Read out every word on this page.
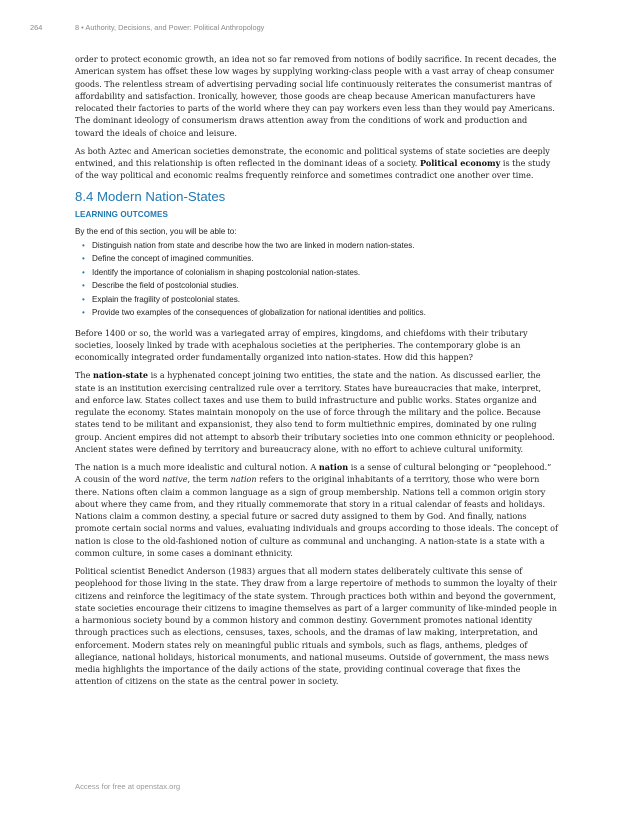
264	8 • Authority, Decisions, and Power: Political Anthropology

order to protect economic growth, an idea not so far removed from notions of bodily sacrifice. In recent decades, the American system has offset these low wages by supplying working-class people with a vast array of cheap consumer goods. The relentless stream of advertising pervading social life continuously reiterates the consumerist mantras of affordability and satisfaction. Ironically, however, those goods are cheap because American manufacturers have relocated their factories to parts of the world where they can pay workers even less than they would pay Americans. The dominant ideology of consumerism draws attention away from the conditions of work and production and toward the ideals of choice and leisure.

As both Aztec and American societies demonstrate, the economic and political systems of state societies are deeply entwined, and this relationship is often reflected in the dominant ideas of a society. Political economy is the study of the way political and economic realms frequently reinforce and sometimes contradict one another over time.

8.4 Modern Nation-States
LEARNING OUTCOMES

By the end of this section, you will be able to:

• Distinguish nation from state and describe how the two are linked in modern nation-states.
• Define the concept of imagined communities.
• Identify the importance of colonialism in shaping postcolonial nation-states.
• Describe the field of postcolonial studies.
• Explain the fragility of postcolonial states.
• Provide two examples of the consequences of globalization for national identities and politics.

Before 1400 or so, the world was a variegated array of empires, kingdoms, and chiefdoms with their tributary societies, loosely linked by trade with acephalous societies at the peripheries. The contemporary globe is an economically integrated order fundamentally organized into nation-states. How did this happen?

The nation-state is a hyphenated concept joining two entities, the state and the nation. As discussed earlier, the state is an institution exercising centralized rule over a territory. States have bureaucracies that make, interpret, and enforce law. States collect taxes and use them to build infrastructure and public works. States organize and regulate the economy. States maintain monopoly on the use of force through the military and the police. Because states tend to be militant and expansionist, they also tend to form multiethnic empires, dominated by one ruling group. Ancient empires did not attempt to absorb their tributary societies into one common ethnicity or peoplehood. Ancient states were defined by territory and bureaucracy alone, with no effort to achieve cultural uniformity.

The nation is a much more idealistic and cultural notion. A nation is a sense of cultural belonging or “peoplehood.” A cousin of the word native, the term nation refers to the original inhabitants of a territory, those who were born there. Nations often claim a common language as a sign of group membership. Nations tell a common origin story about where they came from, and they ritually commemorate that story in a ritual calendar of feasts and holidays. Nations claim a common destiny, a special future or sacred duty assigned to them by God. And finally, nations promote certain social norms and values, evaluating individuals and groups according to those ideals. The concept of nation is close to the old-fashioned notion of culture as communal and unchanging. A nation-state is a state with a common culture, in some cases a dominant ethnicity.

Political scientist Benedict Anderson (1983) argues that all modern states deliberately cultivate this sense of peoplehood for those living in the state. They draw from a large repertoire of methods to summon the loyalty of their citizens and reinforce the legitimacy of the state system. Through practices both within and beyond the government, state societies encourage their citizens to imagine themselves as part of a larger community of like-minded people in a harmonious society bound by a common history and common destiny. Government promotes national identity through practices such as elections, censuses, taxes, schools, and the dramas of law making, interpretation, and enforcement. Modern states rely on meaningful public rituals and symbols, such as flags, anthems, pledges of allegiance, national holidays, historical monuments, and national museums. Outside of government, the mass news media highlights the importance of the daily actions of the state, providing continual coverage that fixes the attention of citizens on the state as the central power in society.

Access for free at openstax.org
